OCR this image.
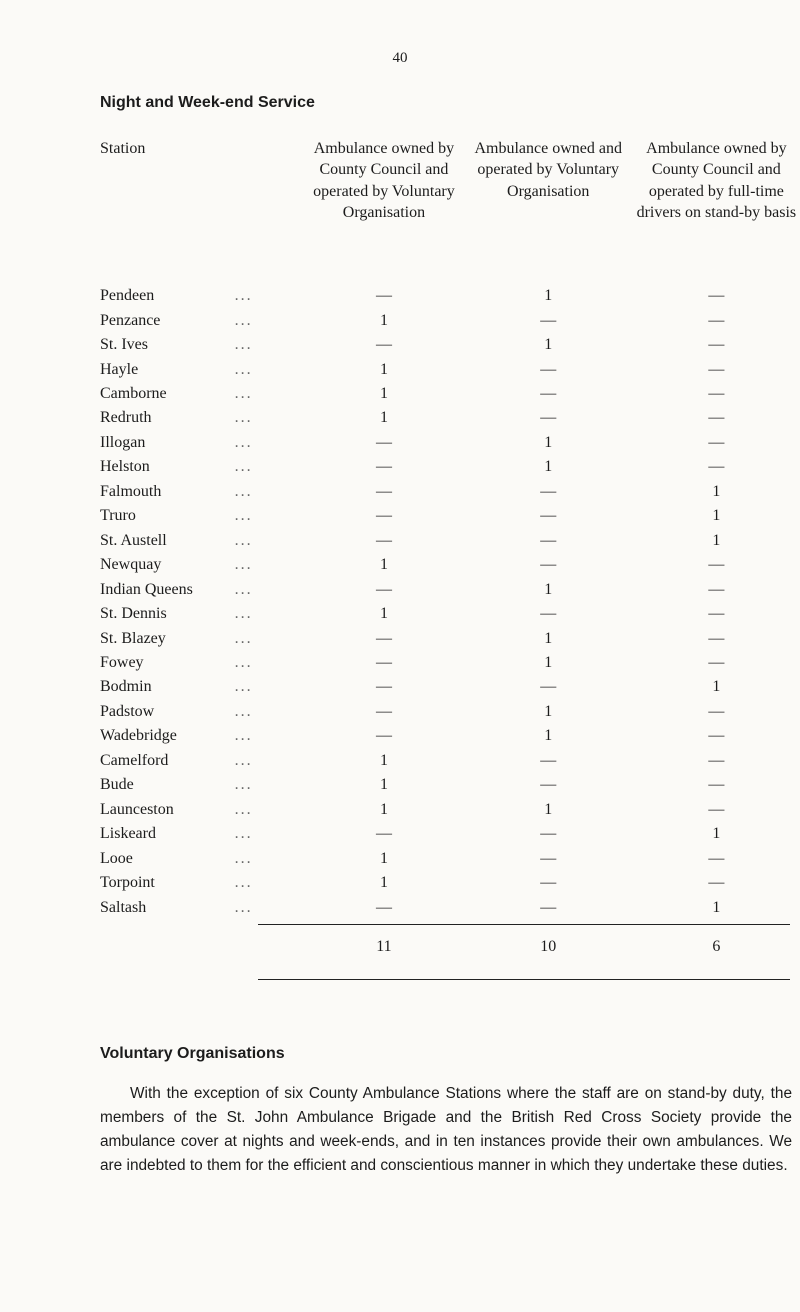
40
Night and Week-end Service
Station		Ambulance owned by County Council and operated by Voluntary Organisation	Ambulance owned and operated by Voluntary Organisation	Ambulance owned by County Council and operated by full-time drivers on stand-by basis
Pendeen	...	—	1	—
Penzance	...	1	—	—
St. Ives	...	—	1	—
Hayle	...	1	—	—
Camborne	...	1	—	—
Redruth	...	1	—	—
Illogan	...	—	1	—
Helston	...	—	1	—
Falmouth	...	—	—	1
Truro	...	—	—	1
St. Austell	...	—	—	1
Newquay	...	1	—	—
Indian Queens	...	—	1	—
St. Dennis	...	1	—	—
St. Blazey	...	—	1	—
Fowey	...	—	1	—
Bodmin	...	—	—	1
Padstow	...	—	1	—
Wadebridge	...	—	1	—
Camelford	...	1	—	—
Bude	...	1	—	—
Launceston	...	1	1	—
Liskeard	...	—	—	1
Looe	...	1	—	—
Torpoint	...	1	—	—
Saltash	...	—	—	1
		11	10	6
Voluntary Organisations

With the exception of six County Ambulance Stations where the staff are on stand-by duty, the members of the St. John Ambulance Brigade and the British Red Cross Society provide the ambulance cover at nights and week-ends, and in ten instances provide their own ambulances. We are indebted to them for the efficient and conscientious manner in which they undertake these duties.
